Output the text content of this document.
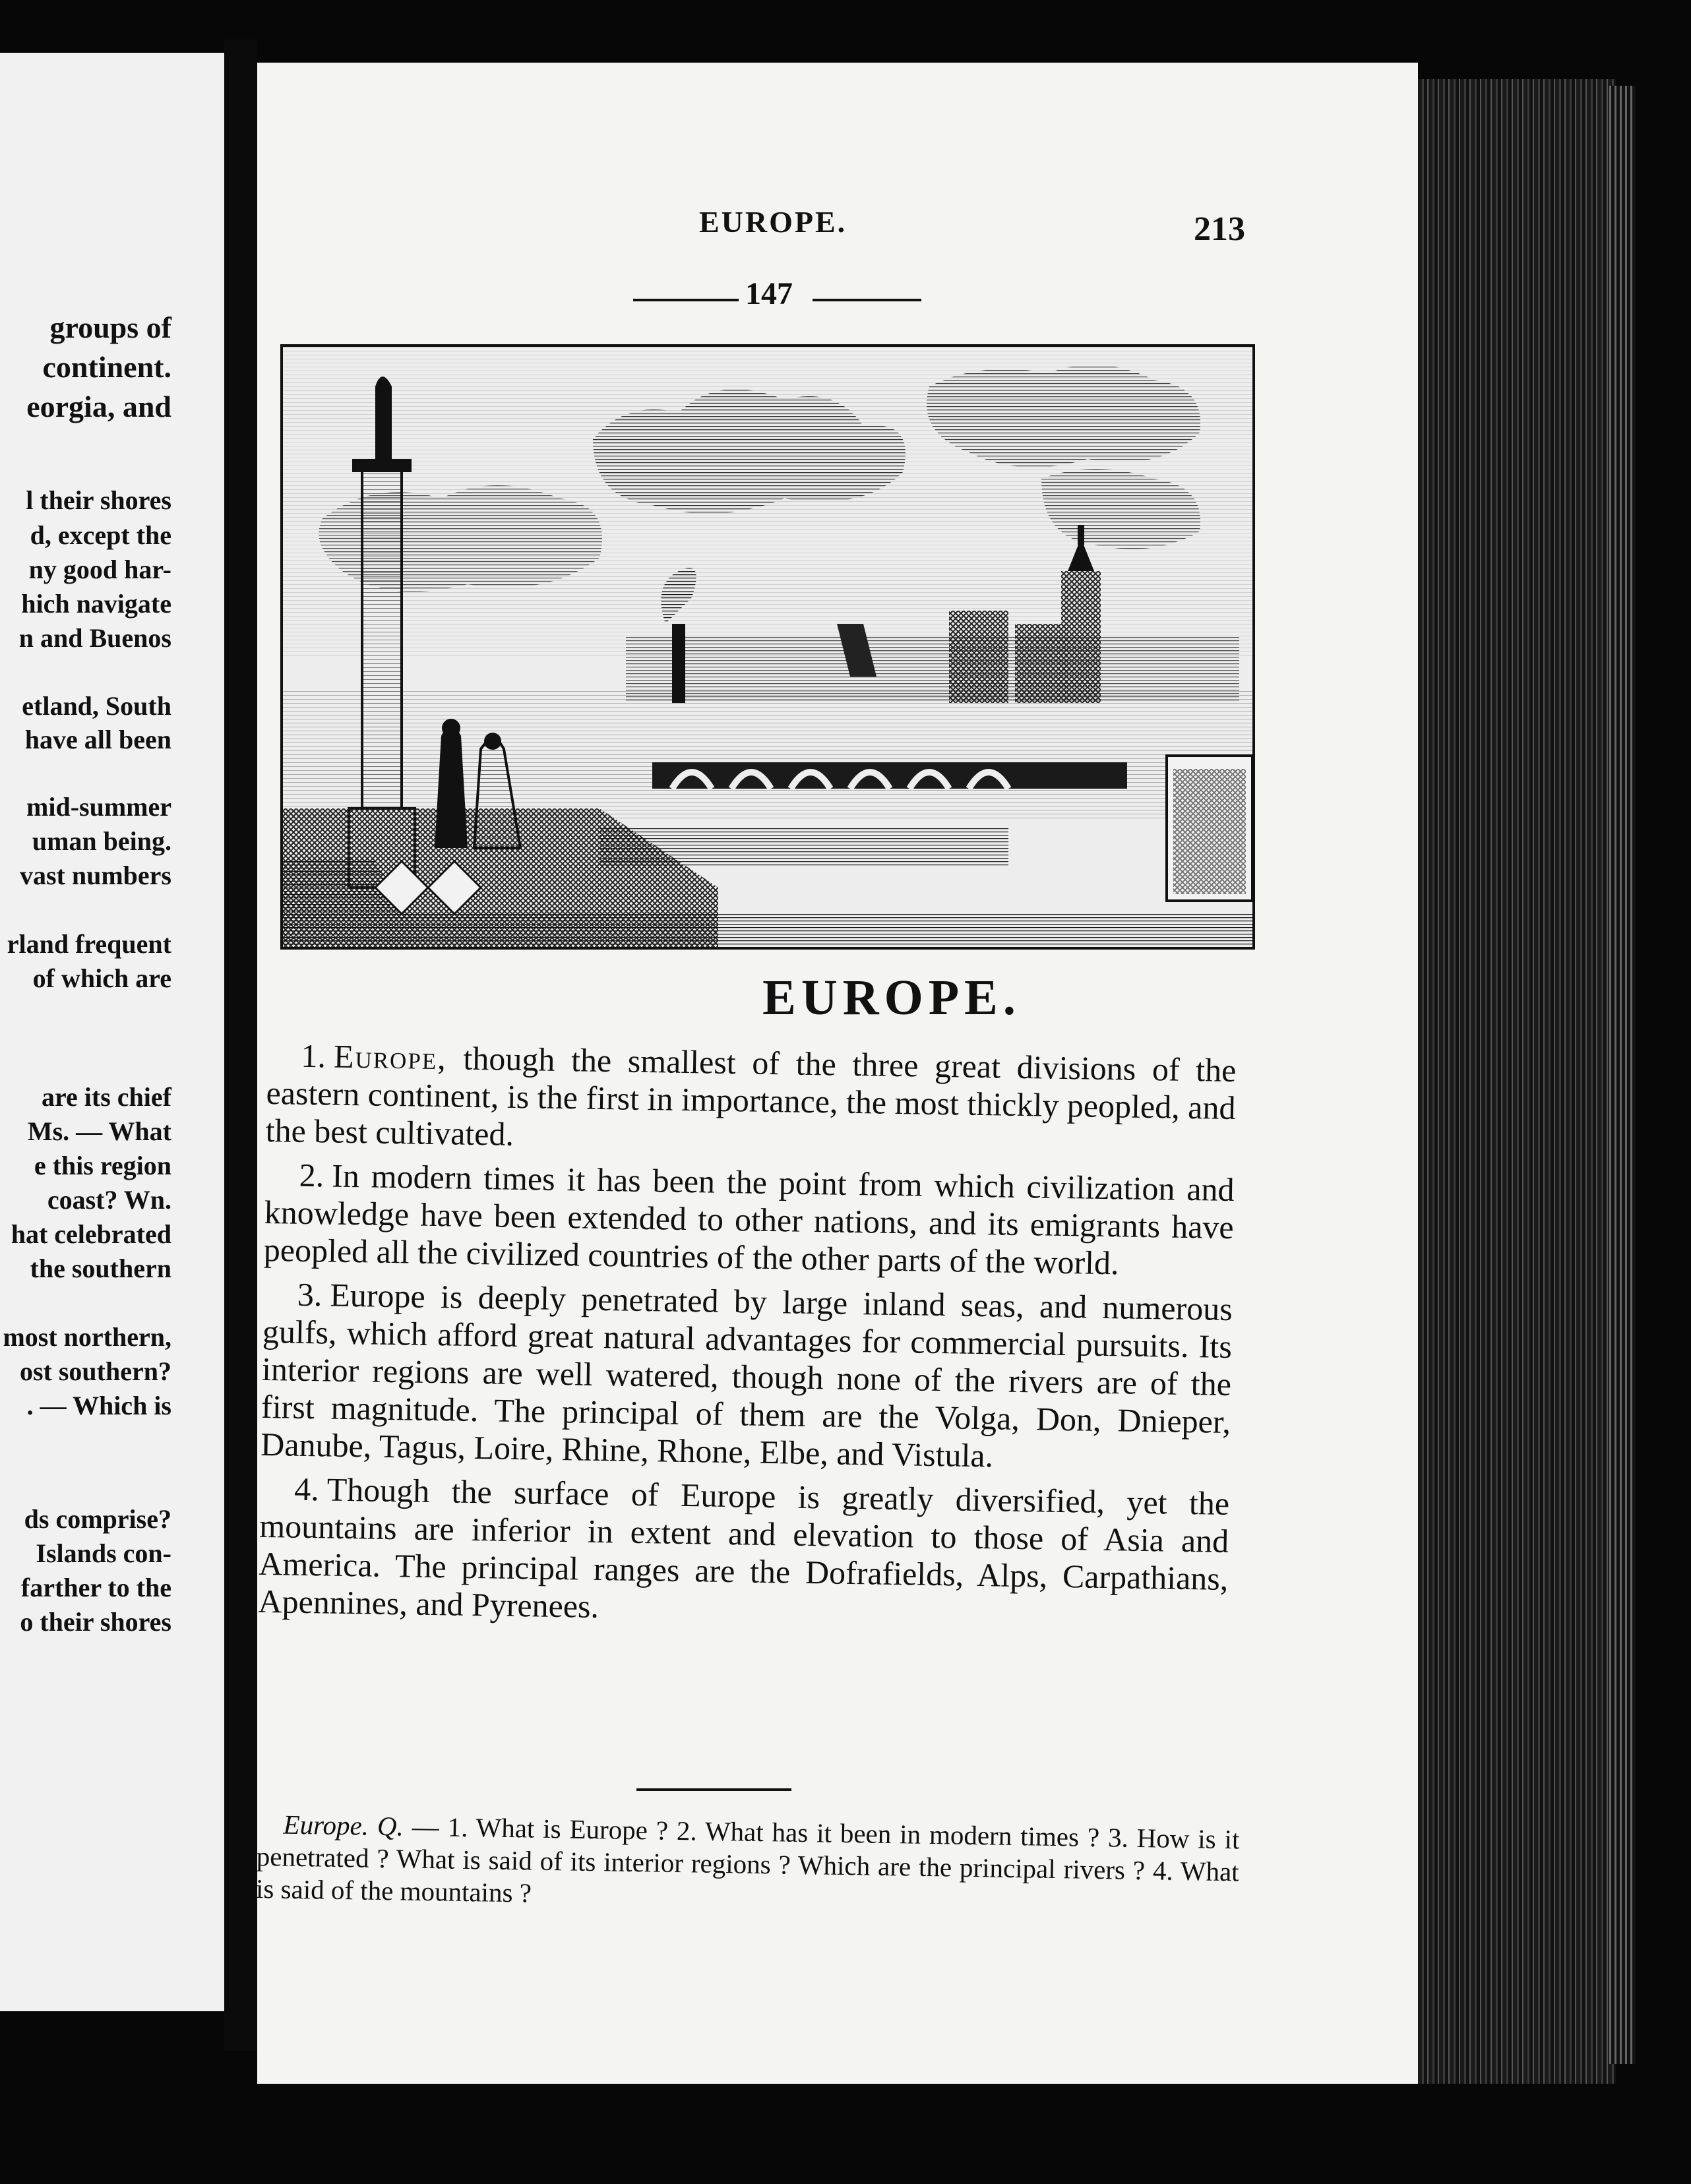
groups of
continent.
eorgia, and
l their shores
d, except the
ny good har-
hich navigate
n and Buenos
etland, South
have all been
mid-summer
uman being.
vast numbers
rland frequent
of which are
are its chief
Ms. — What
e this region
coast? Wn.
hat celebrated
the southern
most northern,
ost southern?
. — Which is
ds comprise?
Islands con-
farther to the
o their shores
EUROPE.	213
147
EUROPE.

1. Europe, though the smallest of the three great divisions of the eastern continent, is the first in importance, the most thickly peopled, and the best cultivated.

2. In modern times it has been the point from which civilization and knowledge have been extended to other nations, and its emigrants have peopled all the civilized countries of the other parts of the world.

3. Europe is deeply penetrated by large inland seas, and numerous gulfs, which afford great natural advantages for commercial pursuits. Its interior regions are well watered, though none of the rivers are of the first magnitude. The principal of them are the Volga, Don, Dnieper, Danube, Tagus, Loire, Rhine, Rhone, Elbe, and Vistula.

4. Though the surface of Europe is greatly diversified, yet the mountains are inferior in extent and elevation to those of Asia and America. The principal ranges are the Dofrafields, Alps, Carpathians, Apennines, and Pyrenees.

Europe. Q. — 1. What is Europe ? 2. What has it been in modern times ? 3. How is it penetrated ? What is said of its interior regions ? Which are the principal rivers ? 4. What is said of the mountains ?
